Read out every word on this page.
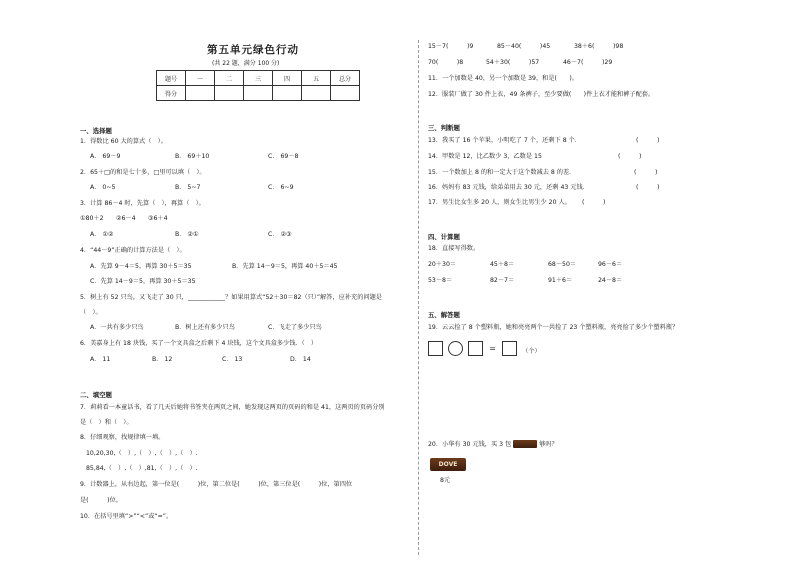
第五单元绿色行动
(共 22 题，满分 100 分)
题号	一	二	三	四	五	总分
得分						
一、选择题
1．得数比 60 大的算式（　）。
A． 69－9	B． 69＋10	C． 69－8
2．65＋□的和是七十多，□里可以填（　）。
A． 0~5	B． 5~7	C． 6~9
3．计算 86－4 时，先算（　），再算（　）。
①80＋2　　②6－4　　③6＋4
A． ①②	B． ②①	C． ②③
4．“44－9”正确的计算方法是（　）。
A．先算 9－4＝5，再算 30＋5＝35	B．先算 14－9＝5，再算 40＋5＝45
C．先算 14－9＝5，再算 30＋5＝35
5．树上有 52 只鸟，又飞走了 30 只，____________？如果用算式“52＋30＝82（只）”解答，应补充的问题是
（　）。
A．一共有多少只鸟	B．树上还有多少只鸟	C．飞走了多少只鸟
6．美嘉身上有 18 块钱，买了一个文具盒之后剩下 4 块钱，这个文具盒多少钱．（　）
A． 11	B． 12	C． 13	D． 14
二、填空题
7．莉莉看一本童话书，看了几天后她将书签夹在两页之间，她发现这两页的页码的和是 41，这两页的页码分别
是（　）和（　）。
8．仔细观察，找规律填一填。
10,20,30,（　）,（　）,（　）,（　）.
85,84,（　）,（　）,81,（　）,（　）.
9．计数器上，从右边起，第一位是(　　　)位，第二位是(　　　)位，第三位是(　　　)位，第四位
是(　　　)位。
10．在括号里填“>”“<”或“=”。
15－7(　　　)9	85－40(　　　)45	38＋6(　　　)98
70(　　　)8	54＋30(　　　)57	46－7(　　　)29
11．一个加数是 40，另一个加数是 39，和是(　　)。
12．服装厂做了 30 件上衣，49 条裤子，至少要做(　　)件上衣才能和裤子配套。
三、判断题
13．我买了 16 个苹果，小明吃了 7 个，还剩下 8 个．	(　　　)
14．甲数是 12，比乙数少 3，乙数是 15	(　　　)
15．一个数加上 8 的和一定大于这个数减去 8 的差．	(　　　)
16．妈妈有 83 元钱，给弟弟用去 30 元，还剩 43 元钱．	(　　　)
17．男生比女生多 20 人，则女生比男生少 20 人。 (　　　)
四、计算题
18．直接写得数。
20＋30＝	45＋8＝	68－50＝	96－6＝
53－8＝	82－7＝	91＋6＝	24－8＝
五、解答题
19．云云捡了 8 个塑料瓶，她和亮亮两个一共捡了 23 个塑料瓶，亮亮捡了多少个塑料瓶？
=	（个）
20．小华有 30 元钱，买 3 包	够吗？
DOVE
8元
